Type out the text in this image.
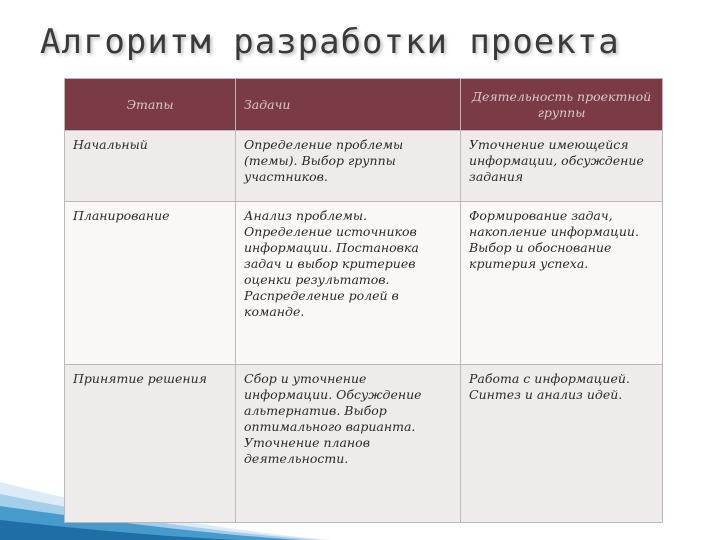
Алгоритм разработки проекта
Этапы	Задачи	Деятельность проектной группы
Начальный	Определение проблемы (темы). Выбор группы участников.	Уточнение имеющейся информации, обсуждение задания
Планирование	Анализ проблемы. Определение источников информации. Постановка задач и выбор критериев оценки результатов. Распределение ролей в команде.	Формирование задач, накопление информации. Выбор и обоснование критерия успеха.
Принятие решения	Сбор и уточнение информации. Обсуждение альтернатив. Выбор оптимального варианта. Уточнение планов деятельности.	Работа с информацией. Синтез и анализ идей.
